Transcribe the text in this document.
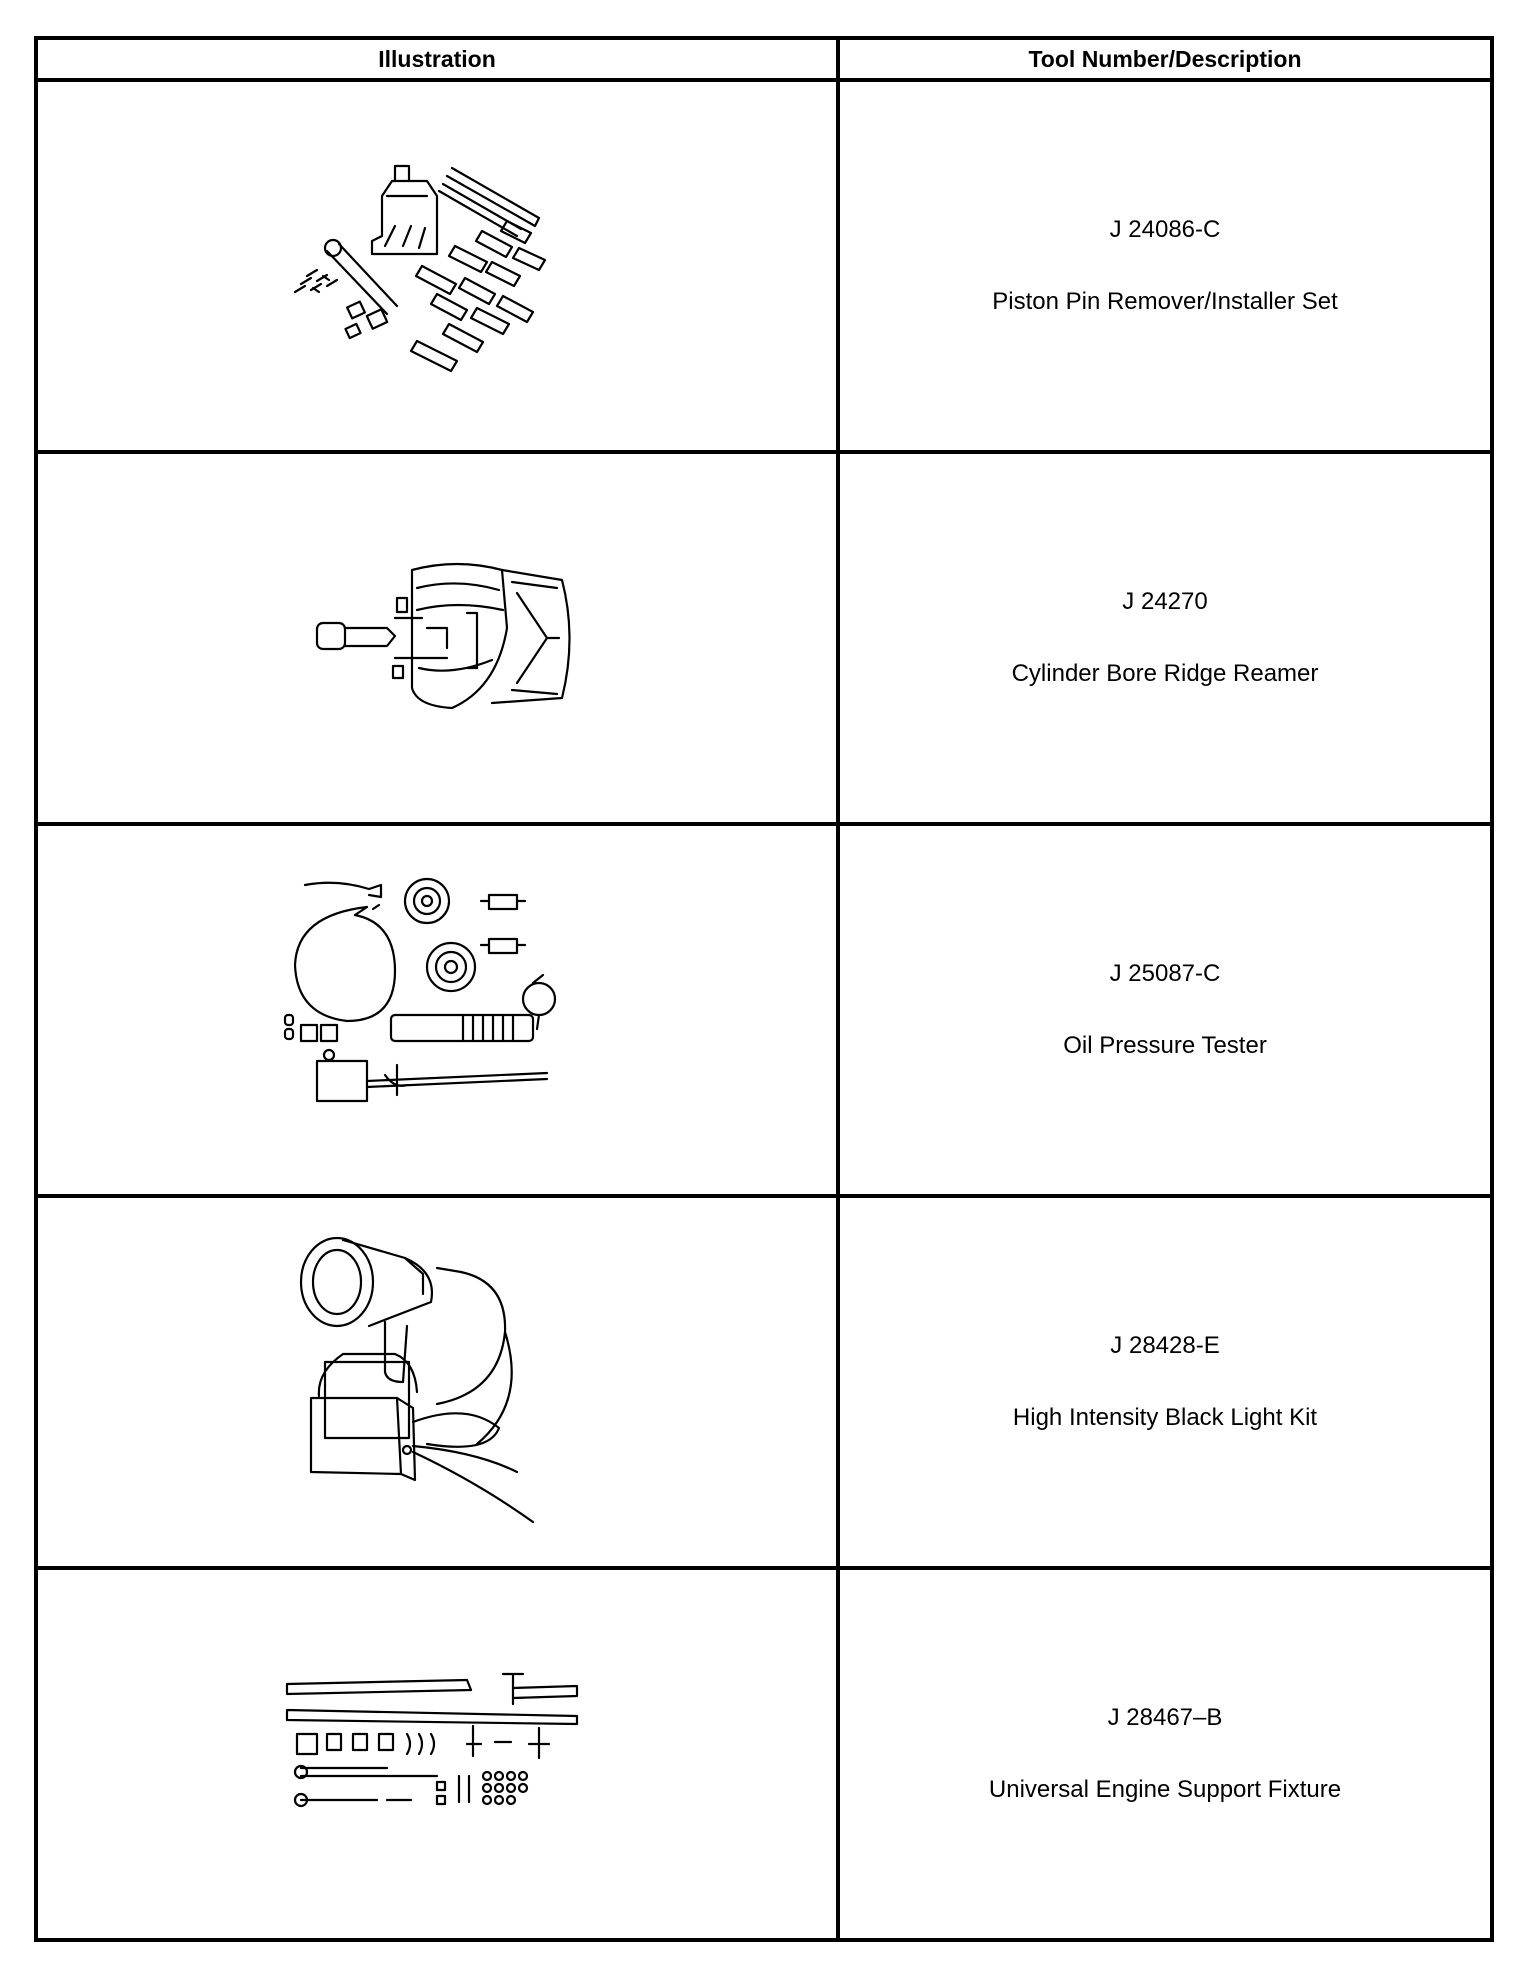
Illustration	Tool Number/Description

J 24086-C
Piston Pin Remover/Installer Set

J 24270
Cylinder Bore Ridge Reamer

J 25087-C
Oil Pressure Tester

J 28428-E
High Intensity Black Light Kit

J 28467–B
Universal Engine Support Fixture
